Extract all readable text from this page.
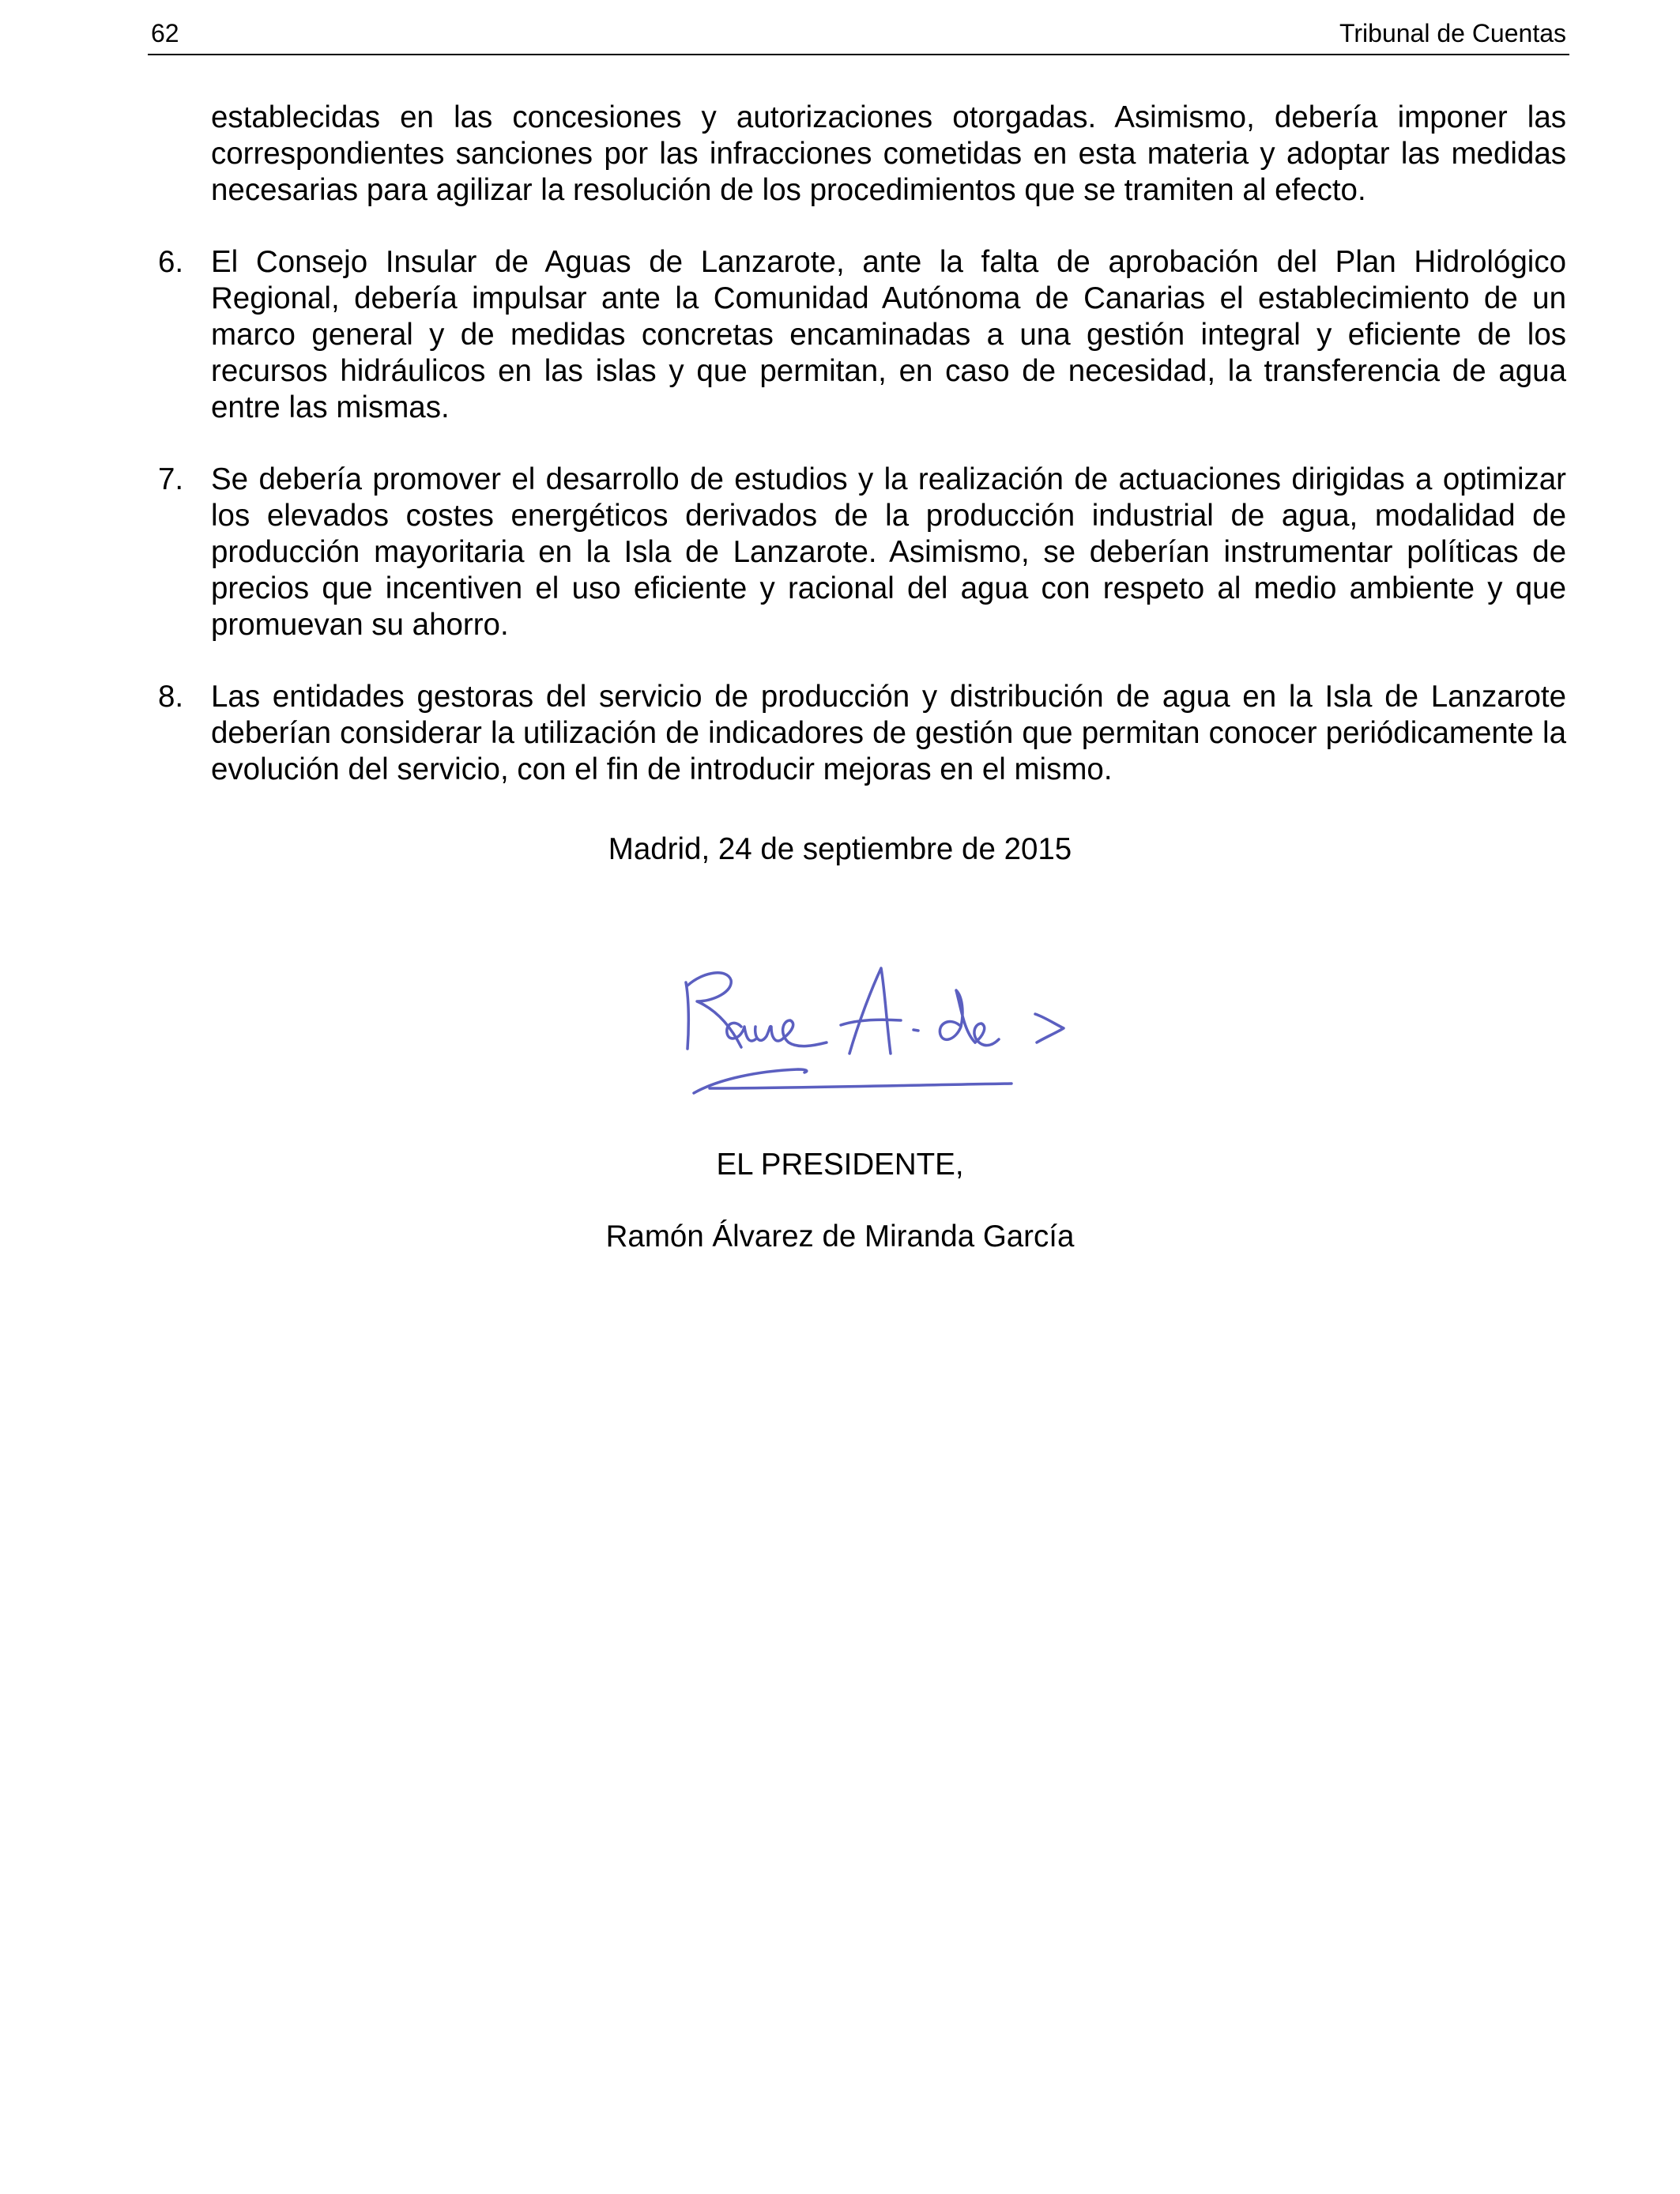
62	Tribunal de Cuentas

establecidas en las concesiones y autorizaciones otorgadas. Asimismo, debería imponer las correspondientes sanciones por las infracciones cometidas en esta materia y adoptar las medidas necesarias para agilizar la resolución de los procedimientos que se tramiten al efecto.

6. El Consejo Insular de Aguas de Lanzarote, ante la falta de aprobación del Plan Hidrológico Regional, debería impulsar ante la Comunidad Autónoma de Canarias el establecimiento de un marco general y de medidas concretas encaminadas a una gestión integral y eficiente de los recursos hidráulicos en las islas y que permitan, en caso de necesidad, la transferencia de agua entre las mismas.
7. Se debería promover el desarrollo de estudios y la realización de actuaciones dirigidas a optimizar los elevados costes energéticos derivados de la producción industrial de agua, modalidad de producción mayoritaria en la Isla de Lanzarote. Asimismo, se deberían instrumentar políticas de precios que incentiven el uso eficiente y racional del agua con respeto al medio ambiente y que promuevan su ahorro.
8. Las entidades gestoras del servicio de producción y distribución de agua en la Isla de Lanzarote deberían considerar la utilización de indicadores de gestión que permitan conocer periódicamente la evolución del servicio, con el fin de introducir mejoras en el mismo.
Madrid, 24 de septiembre de 2015
EL PRESIDENTE,
Ramón Álvarez de Miranda García
